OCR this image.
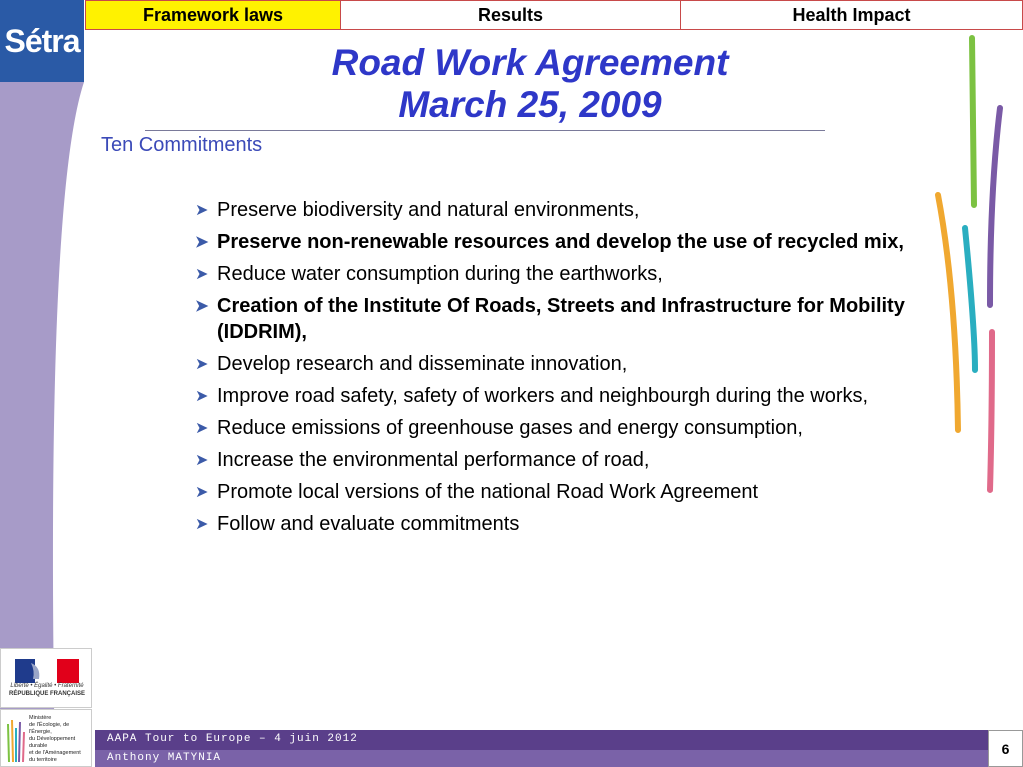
Sétra
Framework laws	Results	Health Impact
Road Work Agreement
March 25, 2009
Ten Commitments
➤ Preserve biodiversity and natural environments,
➤ Preserve non-renewable resources and develop the use of recycled mix,
➤ Reduce water consumption during the earthworks,
➤ Creation of the Institute Of Roads, Streets and Infrastructure for Mobility (IDDRIM),
➤ Develop research and disseminate innovation,
➤ Improve road safety, safety of workers and neighbourgh during the works,
➤ Reduce emissions of greenhouse gases and energy consumption,
➤ Increase the environmental performance of road,
➤ Promote local versions of the national Road Work Agreement
➤ Follow and evaluate commitments
Liberté • Égalité • Fraternité
RÉPUBLIQUE FRANÇAISE
Ministère
de l'Écologie, de l'Énergie,
du Développement durable
et de l'Aménagement
du territoire
AAPA Tour to Europe – 4 juin 2012
Anthony MATYNIA
6
